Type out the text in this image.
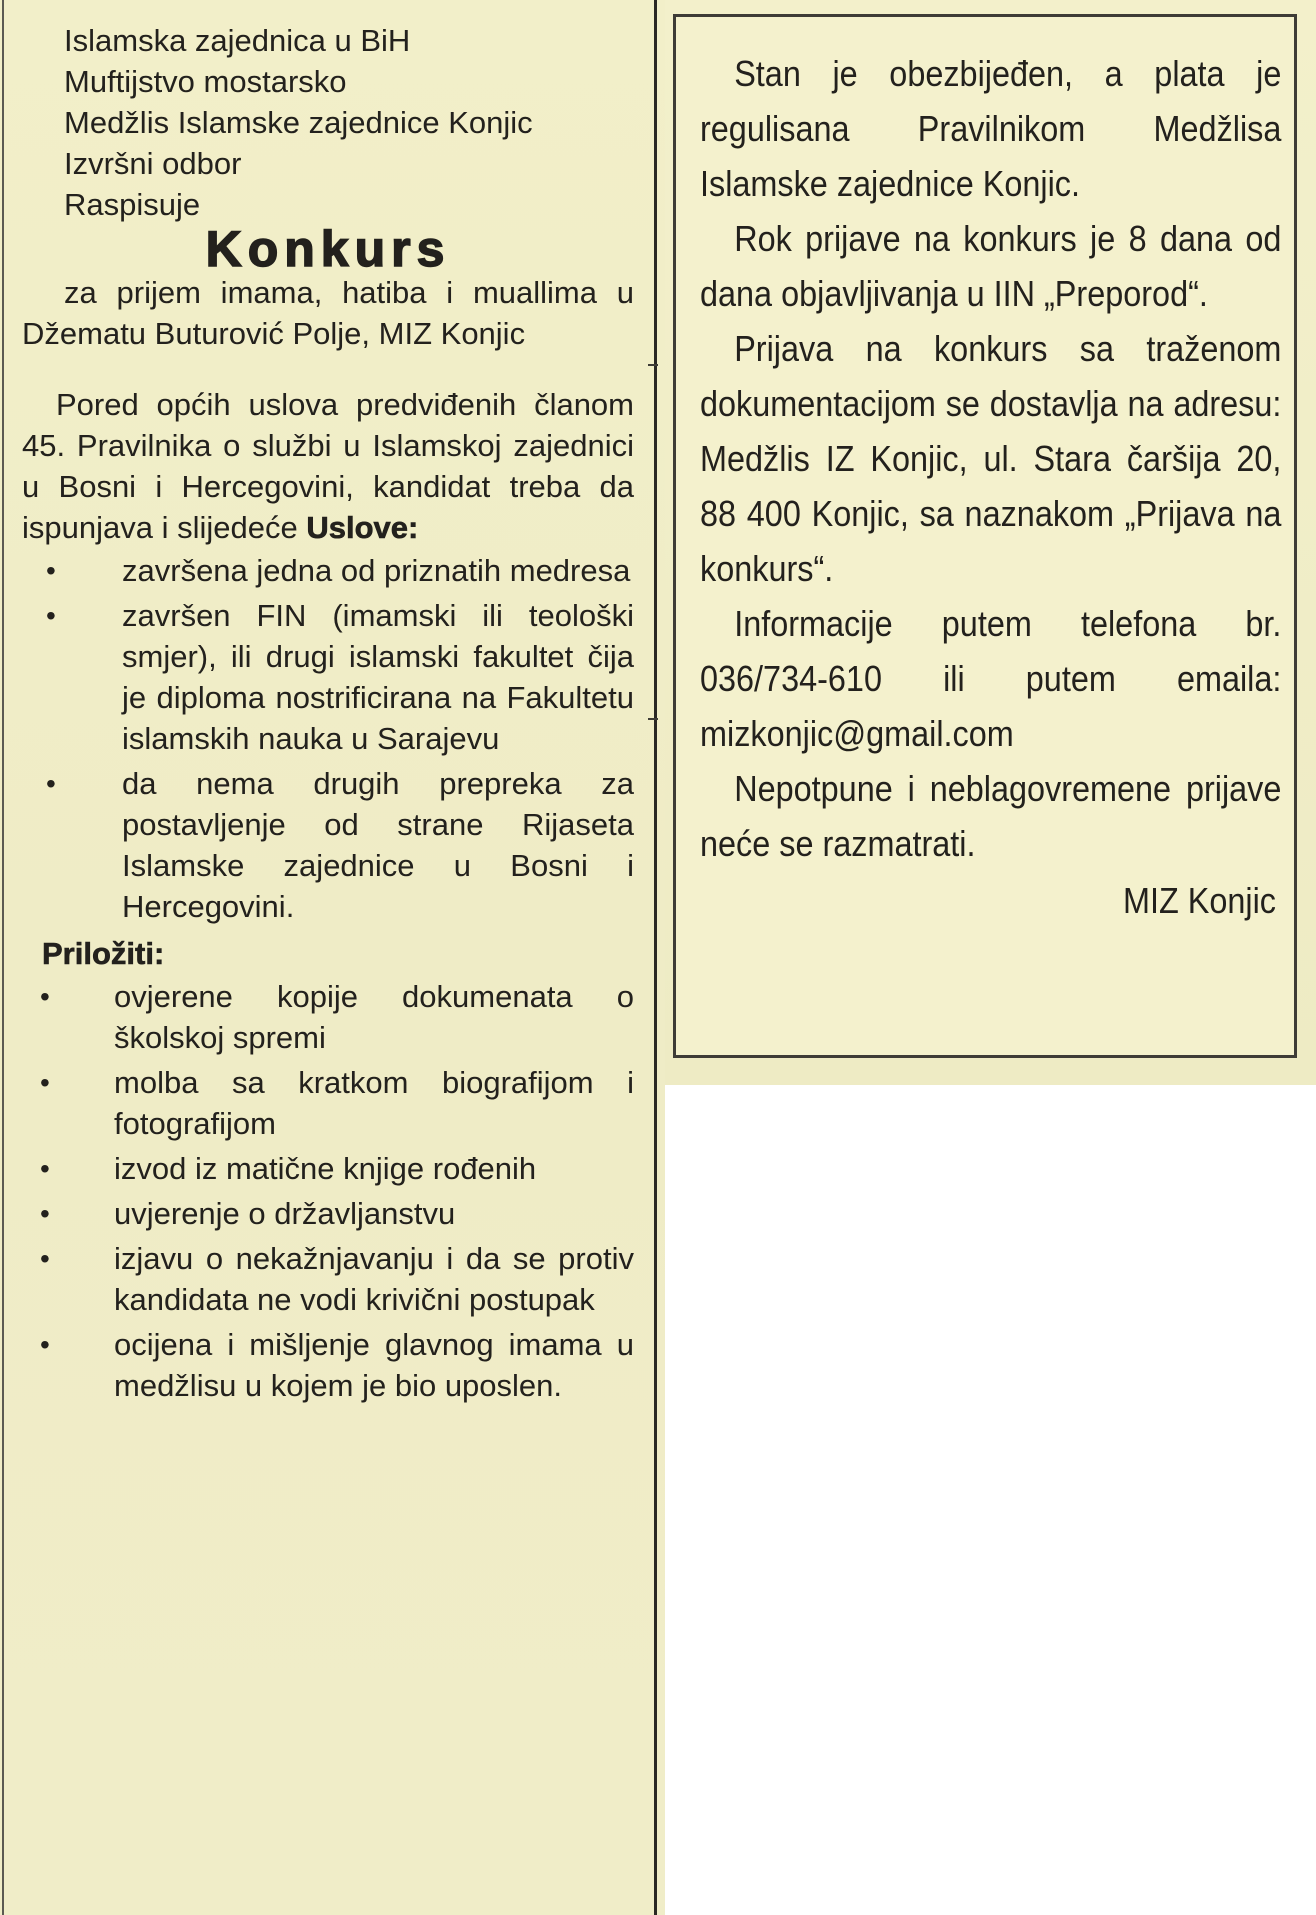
Islamska zajednica u BiH
Muftijstvo mostarsko
Medžlis Islamske zajednice Konjic
Izvršni odbor
Raspisuje
Konkurs
za prijem imama, hatiba i muallima u Džematu Buturović Polje, MIZ Konjic
Pored općih uslova predviđenih članom 45. Pravilnika o službi u Islamskoj zajednici u Bosni i Hercegovini, kandidat treba da ispunjava i slijedeće Uslove:
• završena jedna od priznatih medresa
• završen FIN (imamski ili teološki smjer), ili drugi islamski fakultet čija je diploma nostrificirana na Fakultetu islamskih nauka u Sarajevu
• da nema drugih prepreka za postavljenje od strane Rijaseta Islamske zajednice u Bosni i Hercegovini.
Priložiti:
• ovjerene kopije dokumenata o školskoj spremi
• molba sa kratkom biografijom i fotografijom
• izvod iz matične knjige rođenih
• uvjerenje o državljanstvu
• izjavu o nekažnjavanju i da se protiv kandidata ne vodi krivični postupak
• ocijena i mišljenje glavnog imama u medžlisu u kojem je bio uposlen.

Stan je obezbijeđen, a plata je regulisana Pravilnikom Medžlisa Islamske zajednice Konjic.

Rok prijave na konkurs je 8 dana od dana objavljivanja u IIN „Preporod“.

Prijava na konkurs sa traženom dokumentacijom se dostavlja na adresu: Medžlis IZ Konjic, ul. Stara čaršija 20, 88 400 Konjic, sa naznakom „Prijava na konkurs“.

Informacije putem telefona br. 036/734-610 ili putem emaila: mizkonjic@gmail.com

Nepotpune i neblagovremene prijave neće se razmatrati.

MIZ Konjic
